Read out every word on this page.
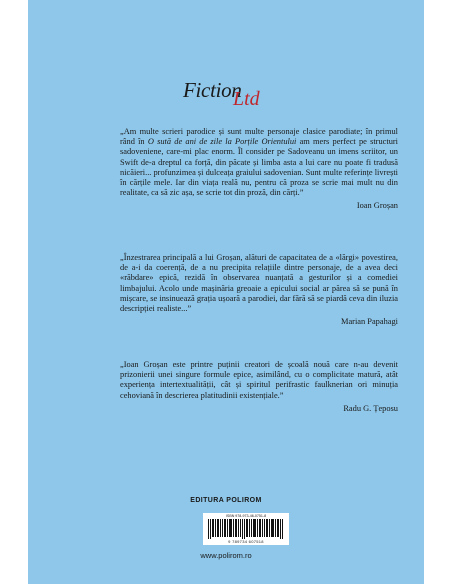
Fiction
Ltd

„Am multe scrieri parodice și sunt multe personaje clasice parodiate; în primul rând în O sută de ani de zile la Porțile Orientului am mers perfect pe structuri sadoveniene, care-mi plac enorm. Îl consider pe Sadoveanu un imens scriitor, un Swift de-a dreptul ca forță, din păcate și limba asta a lui care nu poate fi tradusă nicăieri... profunzimea și dulceața graiului sadovenian. Sunt multe referințe livrești în cărțile mele. Iar din viața reală nu, pentru că proza se scrie mai mult nu din realitate, ca să zic așa, se scrie tot din proză, din cărți.”

Ioan Groșan

„Înzestrarea principală a lui Groșan, alături de capacitatea de a «lărgi» povestirea, de a-i da coerență, de a nu precipita relațiile dintre personaje, de a avea deci «răbdare» epică, rezidă în observarea nuanțată a gesturilor și a comediei limbajului. Acolo unde mașinăria greoaie a epicului social ar părea să se pună în mișcare, se insinuează grația ușoară a parodiei, dar fără să se piardă ceva din iluzia descripției realiste...”

Marian Papahagi

„Ioan Groșan este printre puținii creatori de școală nouă care n-au devenit prizonierii unei singure formule epice, asimilând, cu o complicitate matură, atât experiența intertextualității, cât și spiritul perifrastic faulknerian ori minuția cehoviană în descrierea platitudinii existențiale.”

Radu G. Țeposu

EDITURA POLIROM
ISBN 978-973-46-0751-8
9 789734 607518
www.polirom.ro
